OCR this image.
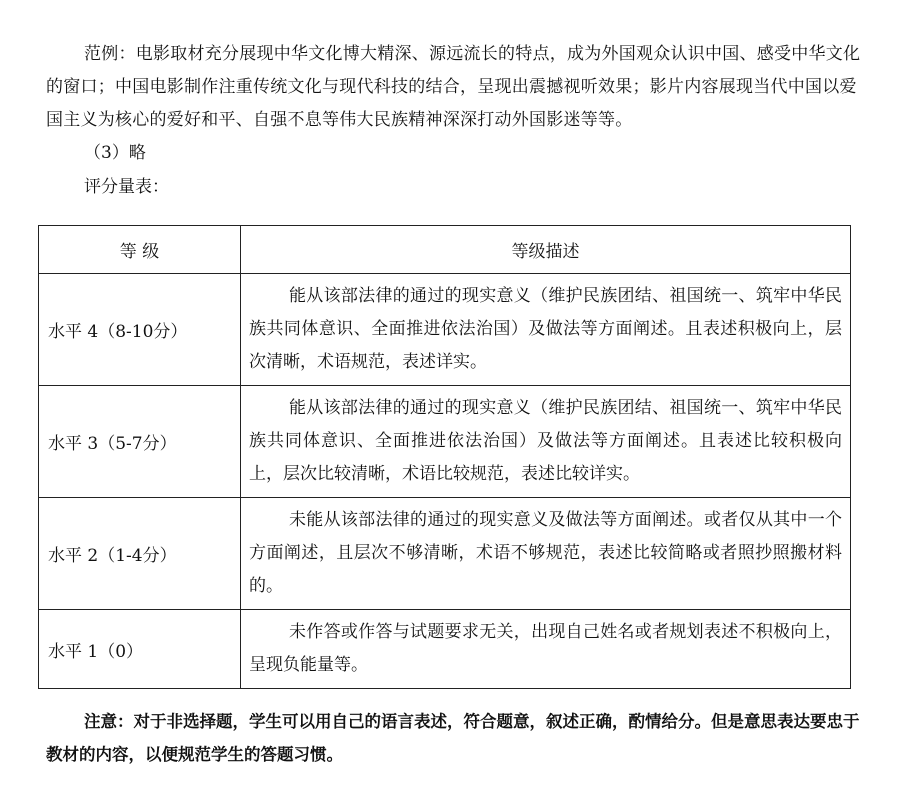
范例：电影取材充分展现中华文化博大精深、源远流长的特点，成为外国观众认识中国、感受中华文化的窗口；中国电影制作注重传统文化与现代科技的结合，呈现出震撼视听效果；影片内容展现当代中国以爱国主义为核心的爱好和平、自强不息等伟大民族精神深深打动外国影迷等等。

（3）略

评分量表：

等 级	等级描述
水平 4（8-10分）	能从该部法律的通过的现实意义（维护民族团结、祖国统一、筑牢中华民族共同体意识、全面推进依法治国）及做法等方面阐述。且表述积极向上，层次清晰，术语规范，表述详实。
水平 3（5-7分）	能从该部法律的通过的现实意义（维护民族团结、祖国统一、筑牢中华民族共同体意识、全面推进依法治国）及做法等方面阐述。且表述比较积极向上，层次比较清晰，术语比较规范，表述比较详实。
水平 2（1-4分）	未能从该部法律的通过的现实意义及做法等方面阐述。或者仅从其中一个方面阐述，且层次不够清晰，术语不够规范，表述比较简略或者照抄照搬材料的。
水平 1（0）	未作答或作答与试题要求无关，出现自己姓名或者规划表述不积极向上，呈现负能量等。

注意：对于非选择题，学生可以用自己的语言表述，符合题意，叙述正确，酌情给分。但是意思表达要忠于教材的内容，以便规范学生的答题习惯。
